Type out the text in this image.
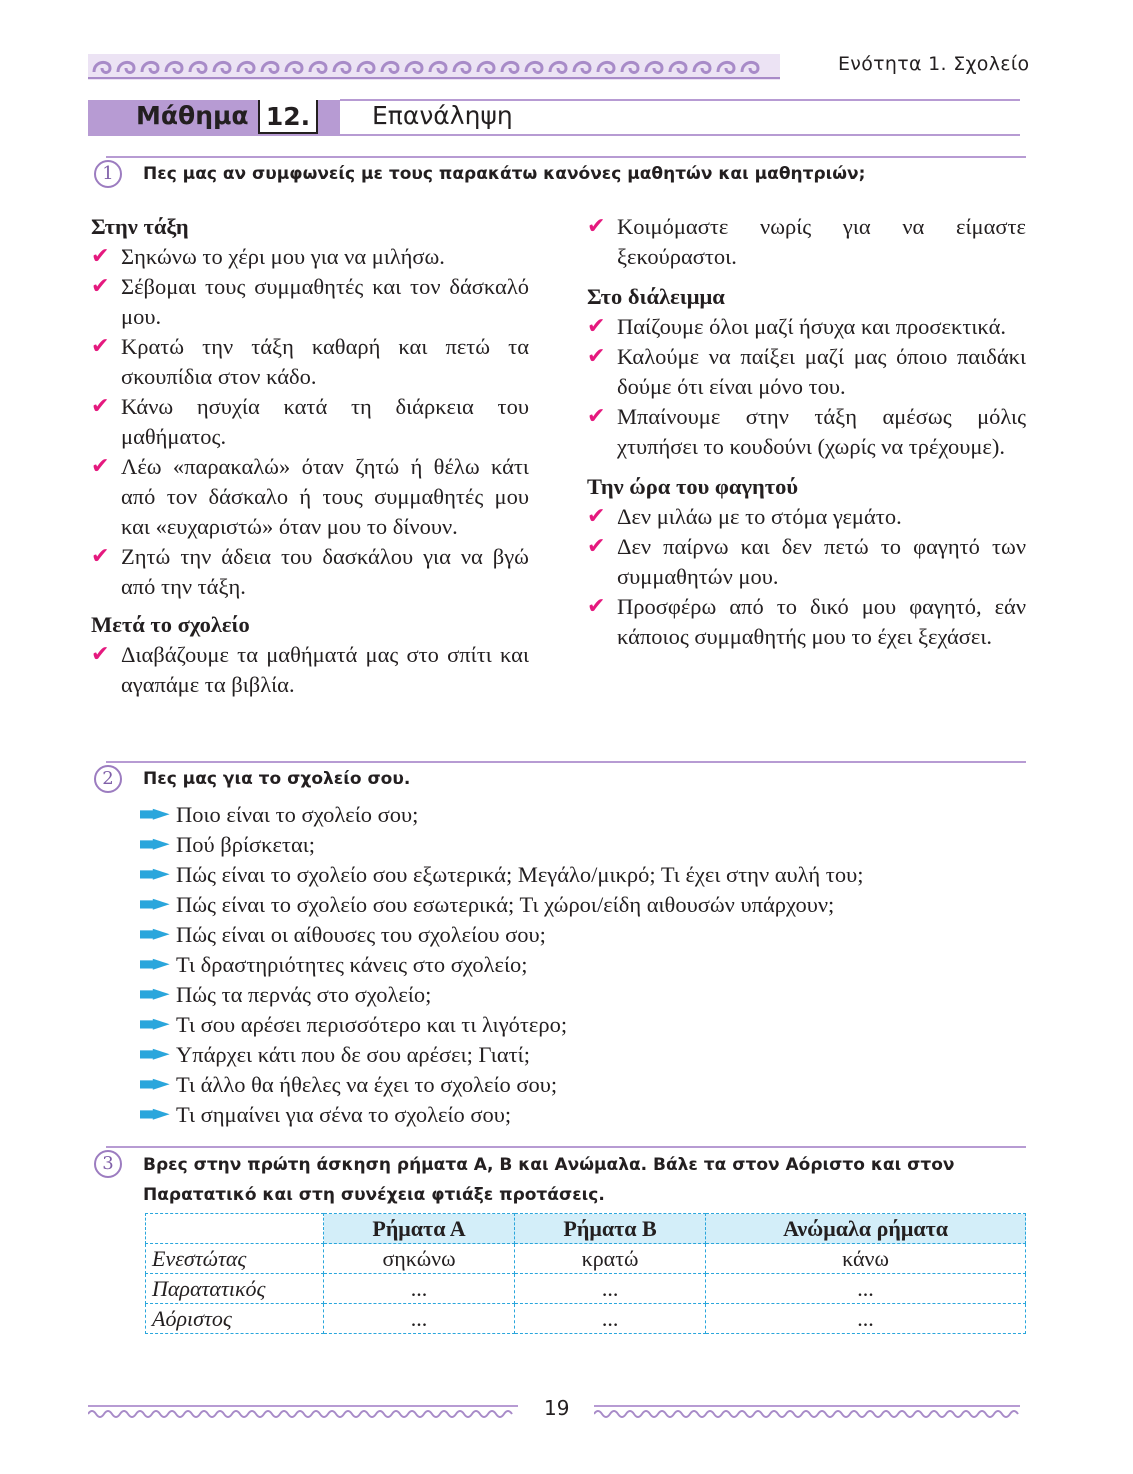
Ενότητα 1. Σχολείο
Μάθημα 12.	Επανάληψη
1	Πες μας αν συμφωνείς με τους παρακάτω κανόνες μαθητών και μαθητριών;
Στην τάξη
✔ Σηκώνω το χέρι μου για να μιλήσω.
✔ Σέβομαι τους συμμαθητές και τον δάσκαλό μου.
✔ Κρατώ την τάξη καθαρή και πετώ τα σκουπίδια στον κάδο.
✔ Κάνω ησυχία κατά τη διάρκεια του μαθήματος.
✔ Λέω «παρακαλώ» όταν ζητώ ή θέλω κάτι από τον δάσκαλο ή τους συμμαθητές μου και «ευχαριστώ» όταν μου το δίνουν.
✔ Ζητώ την άδεια του δασκάλου για να βγώ από την τάξη.
Μετά το σχολείο
✔ Διαβάζουμε τα μαθήματά μας στο σπίτι και αγαπάμε τα βιβλία.
✔ Κοιμόμαστε νωρίς για να είμαστε ξεκούραστοι.
Στο διάλειμμα
✔ Παίζουμε όλοι μαζί ήσυχα και προσεκτικά.
✔ Καλούμε να παίξει μαζί μας όποιο παιδάκι δούμε ότι είναι μόνο του.
✔ Μπαίνουμε στην τάξη αμέσως μόλις χτυπήσει το κουδούνι (χωρίς να τρέχουμε).
Την ώρα του φαγητού
✔ Δεν μιλάω με το στόμα γεμάτο.
✔ Δεν παίρνω και δεν πετώ το φαγητό των συμμαθητών μου.
✔ Προσφέρω από το δικό μου φαγητό, εάν κάποιος συμμαθητής μου το έχει ξεχάσει.
2	Πες μας για το σχολείο σου.
▬► Ποιο είναι το σχολείο σου;
▬► Πού βρίσκεται;
▬► Πώς είναι το σχολείο σου εξωτερικά; Μεγάλο/μικρό; Τι έχει στην αυλή του;
▬► Πώς είναι το σχολείο σου εσωτερικά; Τι χώροι/είδη αιθουσών υπάρχουν;
▬► Πώς είναι οι αίθουσες του σχολείου σου;
▬► Τι δραστηριότητες κάνεις στο σχολείο;
▬► Πώς τα περνάς στο σχολείο;
▬► Τι σου αρέσει περισσότερο και τι λιγότερο;
▬► Υπάρχει κάτι που δε σου αρέσει; Γιατί;
▬► Τι άλλο θα ήθελες να έχει το σχολείο σου;
▬► Τι σημαίνει για σένα το σχολείο σου;
3	Βρες στην πρώτη άσκηση ρήματα Α, Β και Ανώμαλα. Βάλε τα στον Αόριστο και στον Παρατατικό και στη συνέχεια φτιάξε προτάσεις.
	Ρήματα Α	Ρήματα Β	Ανώμαλα ρήματα
Ενεστώτας	σηκώνω	κρατώ	κάνω
Παρατατικός	...	...	...
Αόριστος	...	...	...
19
